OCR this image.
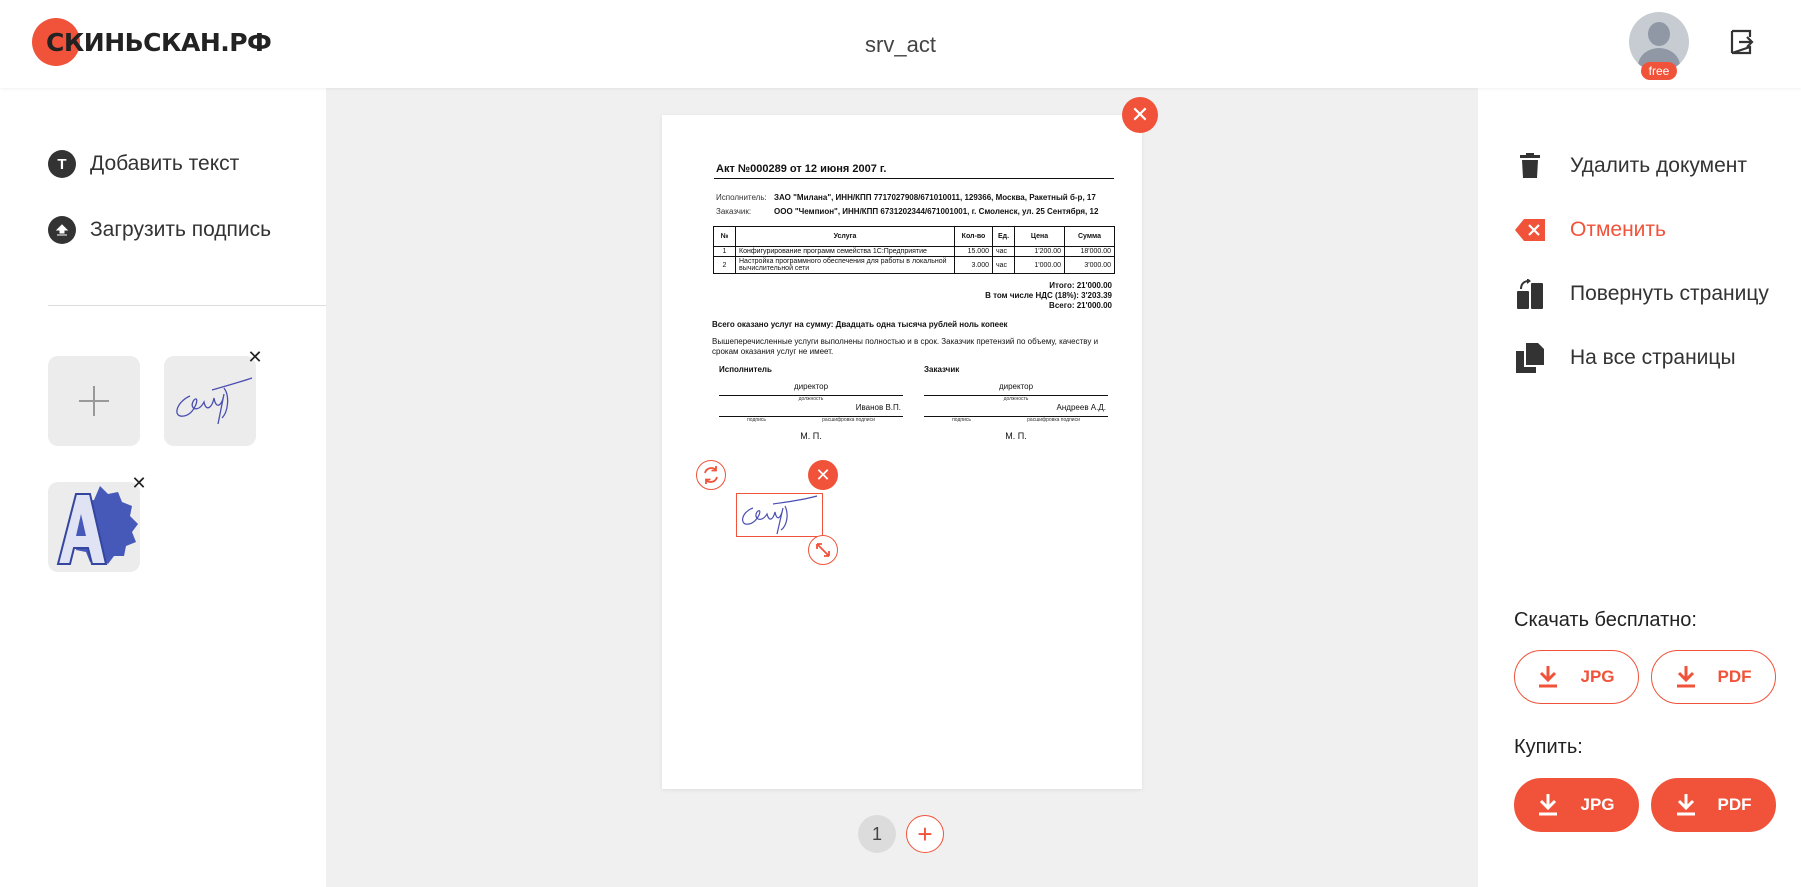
СКИНЬСКАН.РФ	srv_act
free
T	Добавить текст
Загрузить подпись
✕
✕
Акт №000289 от 12 июня 2007 г.
Исполнитель: ЗАО "Милана", ИНН/КПП 7717027908/671010011, 129366, Москва, Ракетный б-р, 17
Заказчик:	ООО "Чемпион", ИНН/КПП 6731202344/671001001, г. Смоленск, ул. 25 Сентября, 12
№	Услуга	Кол-во	Ед.	Цена	Сумма
1	Конфигурирование программ семейства 1С:Предприятие	15.000	час	1'200.00	18'000.00
2	Настройка программного обеспечения для работы в локальной вычислительной сети	3.000	час	1'000.00	3'000.00
Итого: 21'000.00
В том числе НДС (18%): 3'203.39
Всего: 21'000.00
Всего оказано услуг на сумму: Двадцать одна тысяча рублей ноль копеек
Вышеперечисленные услуги выполнены полностью и в срок. Заказчик претензий по объему, качеству и срокам оказания услуг не имеет.
Исполнитель
директор
должность
Иванов В.П.
подпись	расшифровка подписи
М. П.
Заказчик
директор
должность
Андреев А.Д.
подпись	расшифровка подписи
М. П.
✕
✕
1	+
Удалить документ
Отменить
Повернуть страницу
На все страницы
Скачать бесплатно:
JPG	PDF
Купить:
JPG	PDF
